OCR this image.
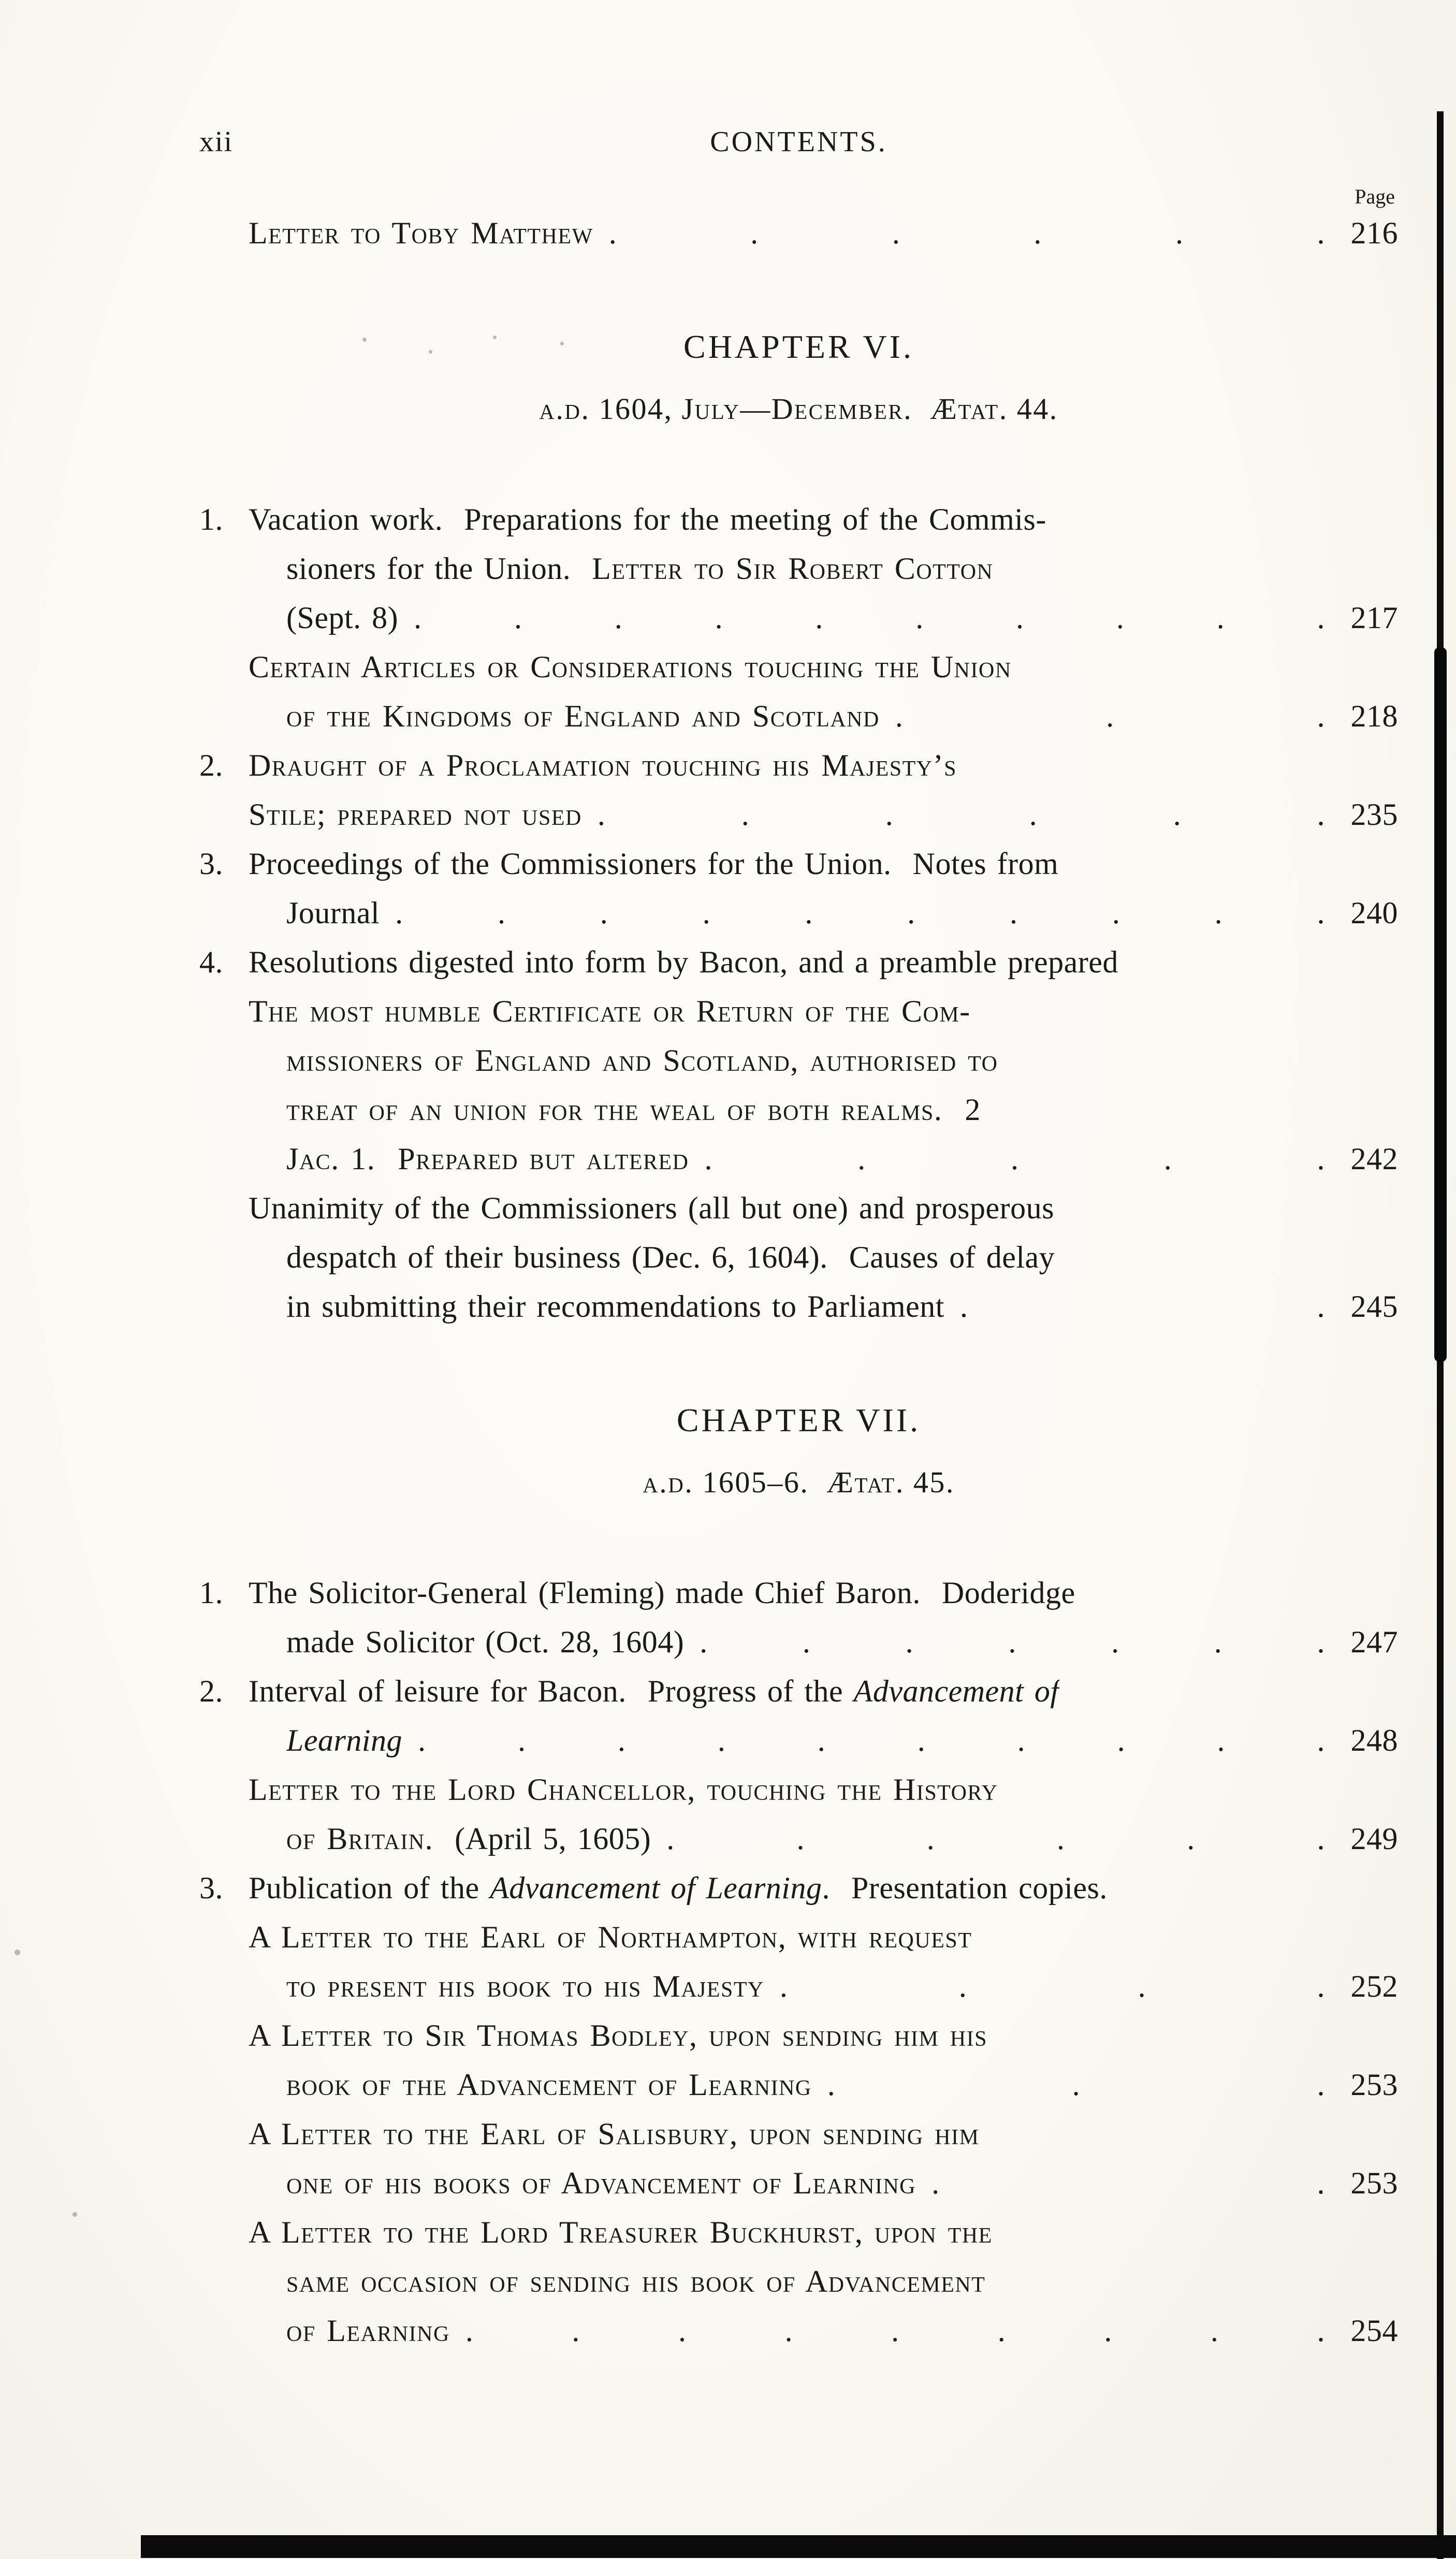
xii	CONTENTS.
Page
Letter to Toby Matthew . . . . . . 216
CHAPTER VI.
a.d. 1604, July—December.  Ætat. 44.
1. Vacation work.  Preparations for the meeting of the Commis-
sioners for the Union.  Letter to Sir Robert Cotton
(Sept. 8) . . . . . . . . . . 217
Certain Articles or Considerations touching the Union
of the Kingdoms of England and Scotland . . . 218
2. Draught of a Proclamation touching his Majesty’s
Stile; prepared not used . . . . . . 235
3. Proceedings of the Commissioners for the Union.  Notes from
Journal . . . . . . . . . . 240
4. Resolutions digested into form by Bacon, and a preamble prepared
The most humble Certificate or Return of the Com-
missioners of England and Scotland, authorised to
treat of an union for the weal of both realms.  2
Jac. 1.  Prepared but altered . . . . . 242
Unanimity of the Commissioners (all but one) and prosperous
despatch of their business (Dec. 6, 1604).  Causes of delay
in submitting their recommendations to Parliament . . 245
CHAPTER VII.
a.d. 1605–6.  Ætat. 45.
1. The Solicitor-General (Fleming) made Chief Baron.  Doderidge
made Solicitor (Oct. 28, 1604) . . . . . . . 247
2. Interval of leisure for Bacon.  Progress of the Advancement of
Learning . . . . . . . . . . 248
Letter to the Lord Chancellor, touching the History
of Britain.  (April 5, 1605) . . . . . . 249
3. Publication of the Advancement of Learning.  Presentation copies.
A Letter to the Earl of Northampton, with request
to present his book to his Majesty . . . . 252
A Letter to Sir Thomas Bodley, upon sending him his
book of the Advancement of Learning . . . 253
A Letter to the Earl of Salisbury, upon sending him
one of his books of Advancement of Learning . . 253
A Letter to the Lord Treasurer Buckhurst, upon the
same occasion of sending his book of Advancement
of Learning . . . . . . . . . 254
